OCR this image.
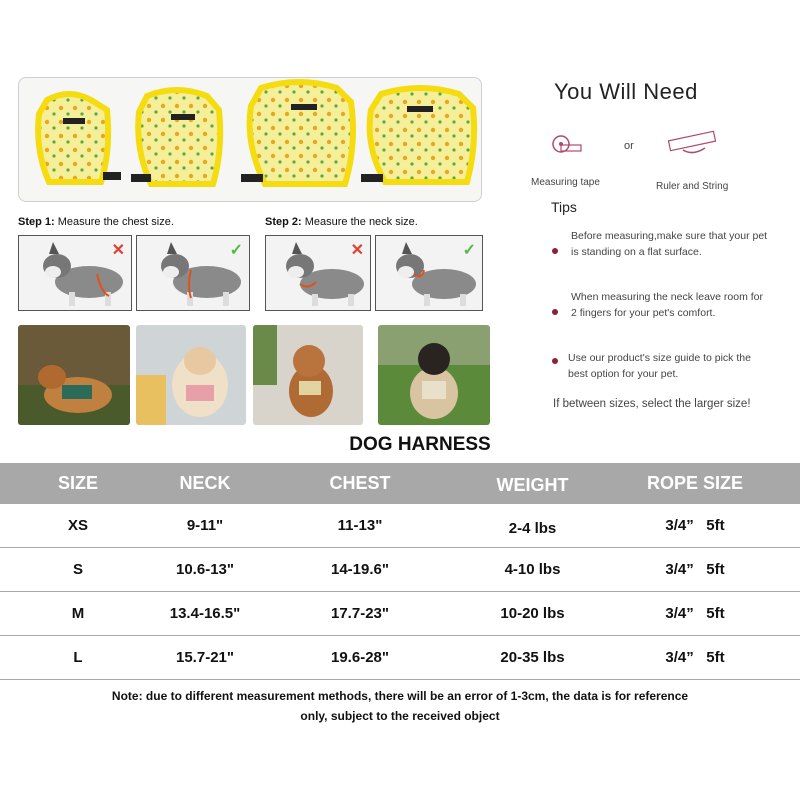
Step 1: Measure the chest size.	Step 2: Measure the neck size.
✕	✓	✕	✓
You Will Need
or
Measuring tape	Ruler and String
Tips
Before measuring,make sure that your pet is standing on a flat surface.
When measuring the neck leave room for 2 fingers for your pet's comfort.
Use our product's size guide to pick the best option for your pet.
If between sizes, select the larger size!
DOG HARNESS
SIZE	NECK	CHEST	WEIGHT	ROPE SIZE
XS	9-11"	11-13"	2-4 lbs	3/4”   5ft
S	10.6-13"	14-19.6"	4-10 lbs	3/4”   5ft
M	13.4-16.5"	17.7-23"	10-20 lbs	3/4”   5ft
L	15.7-21"	19.6-28"	20-35 lbs	3/4”   5ft
Note: due to different measurement methods, there will be an error of 1-3cm, the data is for reference only, subject to the received object
